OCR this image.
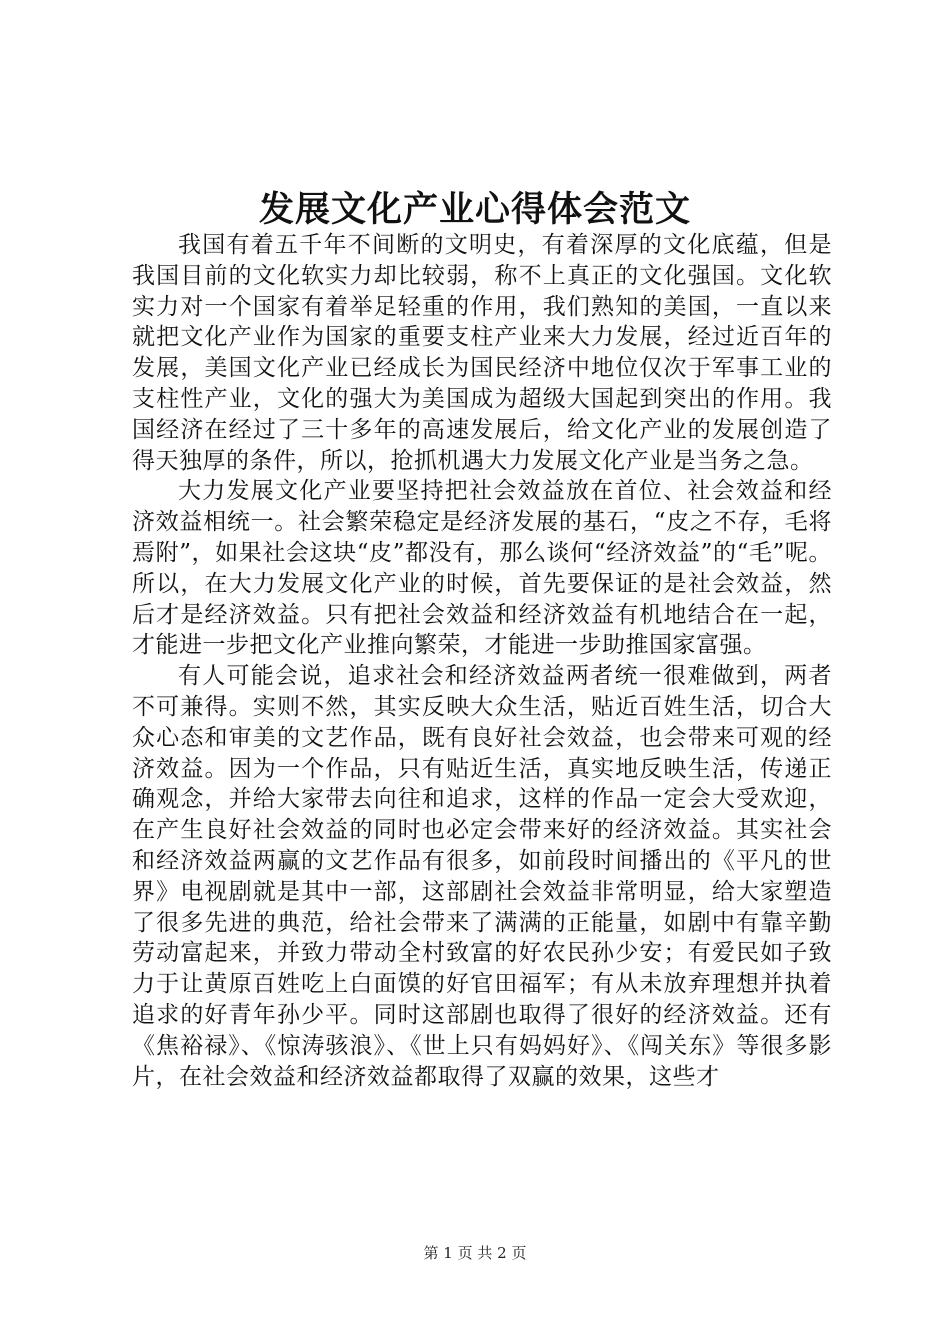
发展文化产业心得体会范文

我国有着五千年不间断的文明史，有着深厚的文化底蕴，但是我国目前的文化软实力却比较弱，称不上真正的文化强国。文化软实力对一个国家有着举足轻重的作用，我们熟知的美国，一直以来就把文化产业作为国家的重要支柱产业来大力发展，经过近百年的发展，美国文化产业已经成长为国民经济中地位仅次于军事工业的支柱性产业，文化的强大为美国成为超级大国起到突出的作用。我国经济在经过了三十多年的高速发展后，给文化产业的发展创造了得天独厚的条件，所以，抢抓机遇大力发展文化产业是当务之急。

大力发展文化产业要坚持把社会效益放在首位、社会效益和经济效益相统一。社会繁荣稳定是经济发展的基石，“皮之不存，毛将焉附”，如果社会这块“皮”都没有，那么谈何“经济效益”的“毛”呢。所以，在大力发展文化产业的时候，首先要保证的是社会效益，然后才是经济效益。只有把社会效益和经济效益有机地结合在一起，才能进一步把文化产业推向繁荣，才能进一步助推国家富强。

有人可能会说，追求社会和经济效益两者统一很难做到，两者不可兼得。实则不然，其实反映大众生活，贴近百姓生活，切合大众心态和审美的文艺作品，既有良好社会效益，也会带来可观的经济效益。因为一个作品，只有贴近生活，真实地反映生活，传递正确观念，并给大家带去向往和追求，这样的作品一定会大受欢迎，在产生良好社会效益的同时也必定会带来好的经济效益。其实社会和经济效益两赢的文艺作品有很多，如前段时间播出的《平凡的世界》电视剧就是其中一部，这部剧社会效益非常明显，给大家塑造了很多先进的典范，给社会带来了满满的正能量，如剧中有靠辛勤劳动富起来，并致力带动全村致富的好农民孙少安；有爱民如子致力于让黄原百姓吃上白面馍的好官田福军；有从未放弃理想并执着追求的好青年孙少平。同时这部剧也取得了很好的经济效益。还有《焦裕禄》、《惊涛骇浪》、《世上只有妈妈好》、《闯关东》等很多影片，在社会效益和经济效益都取得了双赢的效果，这些才

第 1 页 共 2 页
